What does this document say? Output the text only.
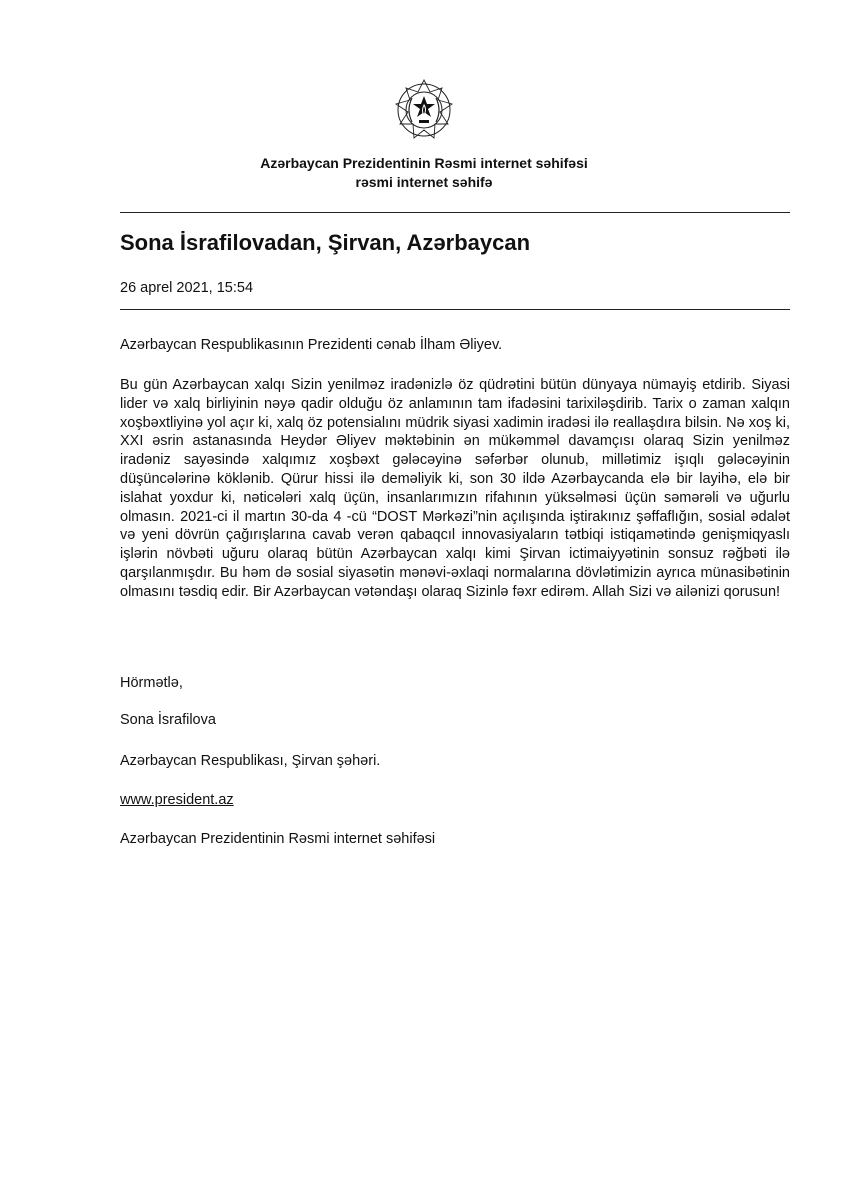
Azərbaycan Prezidentinin Rəsmi internet səhifəsi
rəsmi internet səhifə
Sona İsrafilovadan, Şirvan, Azərbaycan
26 aprel 2021, 15:54

Azərbaycan Respublikasının Prezidenti cənab İlham Əliyev.

Bu gün Azərbaycan xalqı Sizin yenilməz iradənizlə öz qüdrətini bütün dünyaya nümayiş etdirib. Siyasi lider və xalq birliyinin nəyə qadir olduğu öz anlamının tam ifadəsini tarixiləşdirib. Tarix o zaman xalqın xoşbəxtliyinə yol açır ki, xalq öz potensialını müdrik siyasi xadimin iradəsi ilə reallaşdıra bilsin. Nə xoş ki, XXI əsrin astanasında Heydər Əliyev məktəbinin ən mükəmməl davamçısı olaraq Sizin yenilməz iradəniz sayəsində xalqımız xoşbəxt gələcəyinə səfərbər olunub, millətimiz işıqlı gələcəyinin düşüncələrinə köklənib. Qürur hissi ilə deməliyik ki, son 30 ildə Azərbaycanda elə bir layihə, elə bir islahat yoxdur ki, nəticələri xalq üçün, insanlarımızın rifahının yüksəlməsi üçün səmərəli və uğurlu olmasın. 2021-ci il martın 30-da 4 -cü “DOST Mərkəzi”nin açılışında iştirakınız şəffaflığın, sosial ədalət və yeni dövrün çağırışlarına cavab verən qabaqcıl innovasiyaların tətbiqi istiqamətində genişmiqyaslı işlərin növbəti uğuru olaraq bütün Azərbaycan xalqı kimi Şirvan ictimaiyyətinin sonsuz rəğbəti ilə qarşılanmışdır. Bu həm də sosial siyasətin mənəvi-əxlaqi normalarına dövlətimizin ayrıca münasibətinin olmasını təsdiq edir. Bir Azərbaycan vətəndaşı olaraq Sizinlə fəxr edirəm. Allah Sizi və ailənizi qorusun!

Hörmətlə,

Sona İsrafilova

Azərbaycan Respublikası, Şirvan şəhəri.

www.president.az

Azərbaycan Prezidentinin Rəsmi internet səhifəsi
